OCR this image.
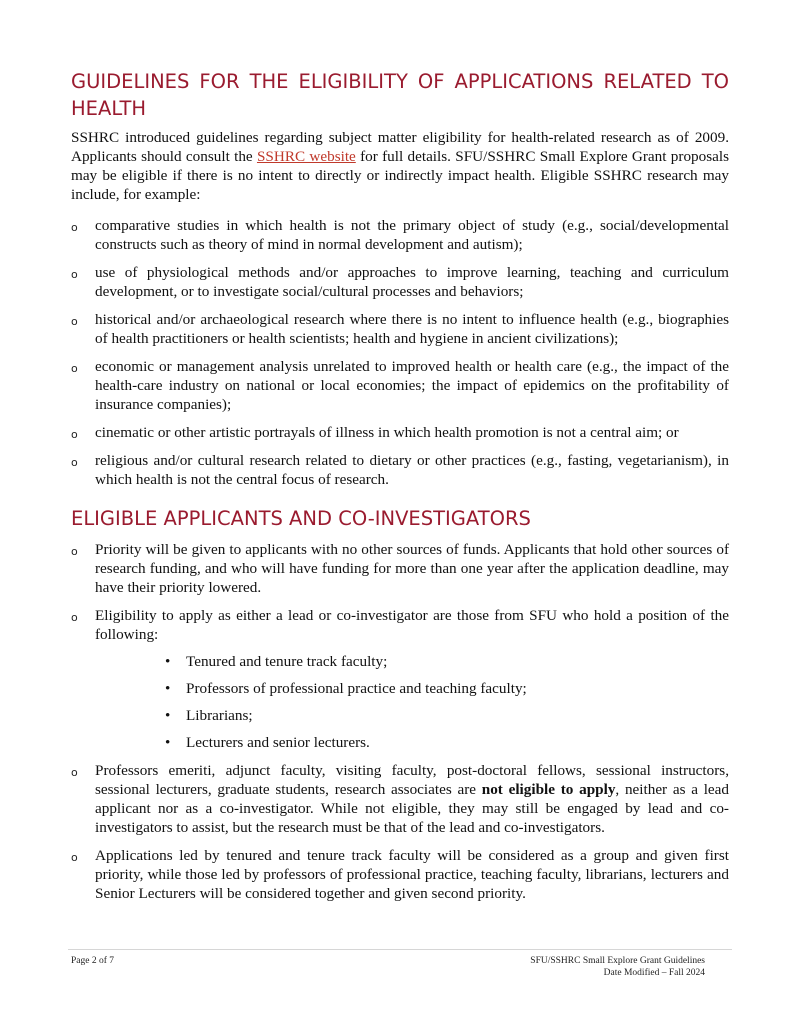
GUIDELINES FOR THE ELIGIBILITY OF APPLICATIONS RELATED TO
HEALTH

SSHRC introduced guidelines regarding subject matter eligibility for health-related research as of 2009. Applicants should consult the SSHRC website for full details. SFU/SSHRC Small Explore Grant proposals may be eligible if there is no intent to directly or indirectly impact health. Eligible SSHRC research may include, for example:

o comparative studies in which health is not the primary object of study (e.g., social/developmental constructs such as theory of mind in normal development and autism);
o use of physiological methods and/or approaches to improve learning, teaching and curriculum development, or to investigate social/cultural processes and behaviors;
o historical and/or archaeological research where there is no intent to influence health (e.g., biographies of health practitioners or health scientists; health and hygiene in ancient civilizations);
o economic or management analysis unrelated to improved health or health care (e.g., the impact of the health-care industry on national or local economies; the impact of epidemics on the profitability of insurance companies);
o cinematic or other artistic portrayals of illness in which health promotion is not a central aim; or
o religious and/or cultural research related to dietary or other practices (e.g., fasting, vegetarianism), in which health is not the central focus of research.
ELIGIBLE APPLICANTS AND CO-INVESTIGATORS
o Priority will be given to applicants with no other sources of funds. Applicants that hold other sources of research funding, and who will have funding for more than one year after the application deadline, may have their priority lowered.
o Eligibility to apply as either a lead or co-investigator are those from SFU who hold a position of the following:
• Tenured and tenure track faculty;
• Professors of professional practice and teaching faculty;
• Librarians;
• Lecturers and senior lecturers.
o Professors emeriti, adjunct faculty, visiting faculty, post-doctoral fellows, sessional instructors, sessional lecturers, graduate students, research associates are not eligible to apply, neither as a lead applicant nor as a co-investigator. While not eligible, they may still be engaged by lead and co-investigators to assist, but the research must be that of the lead and co-investigators.
o Applications led by tenured and tenure track faculty will be considered as a group and given first priority, while those led by professors of professional practice, teaching faculty, librarians, lecturers and Senior Lecturers will be considered together and given second priority.
Page 2 of 7	SFU/SSHRC Small Explore Grant Guidelines
Date Modified – Fall 2024
